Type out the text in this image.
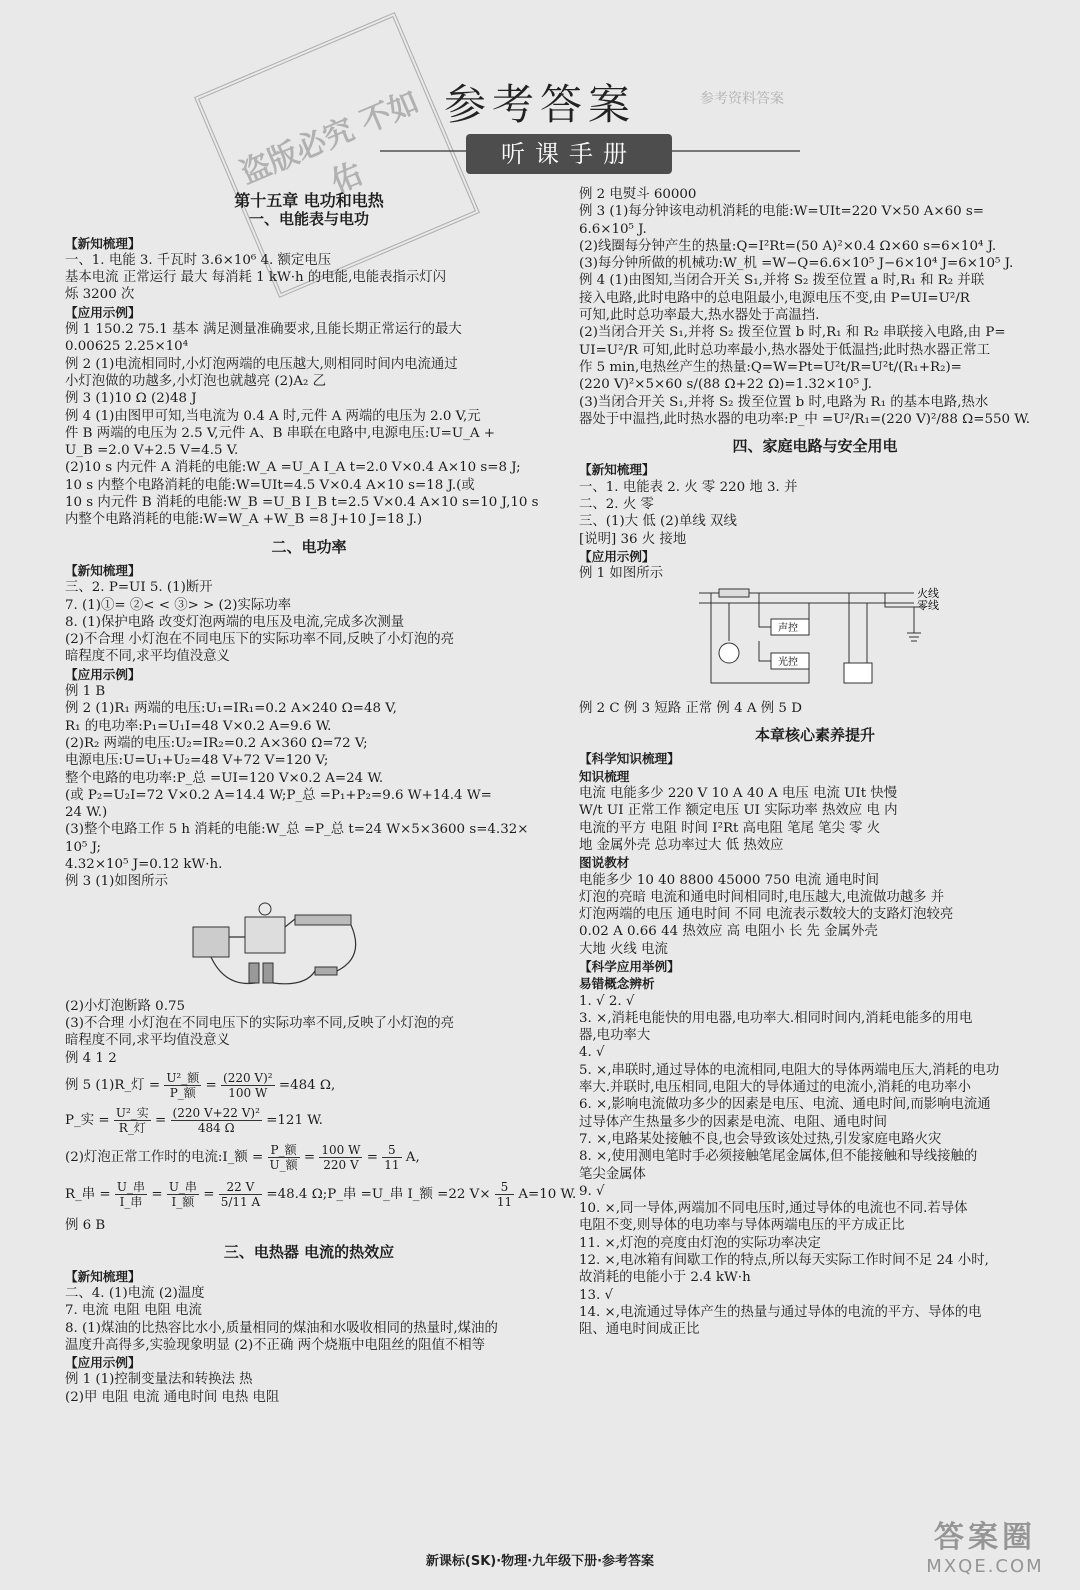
参考答案
听课手册
盗版必究 不如佑
参考资料答案
第十五章 电功和电热
一、电能表与电功
【新知梳理】
一、1. 电能 3. 千瓦时 3.6×10⁶ 4. 额定电压
基本电流 正常运行 最大 每消耗 1 kW·h 的电能,电能表指示灯闪
烁 3200 次
【应用示例】
例 1 150.2 75.1 基本 满足测量准确要求,且能长期正常运行的最大
0.00625 2.25×10⁴
例 2 (1)电流相同时,小灯泡两端的电压越大,则相同时间内电流通过
小灯泡做的功越多,小灯泡也就越亮 (2)A₂ 乙
例 3 (1)10 Ω (2)48 J
例 4 (1)由图甲可知,当电流为 0.4 A 时,元件 A 两端的电压为 2.0 V,元
件 B 两端的电压为 2.5 V,元件 A、B 串联在电路中,电源电压:U=U_A +
U_B =2.0 V+2.5 V=4.5 V.
(2)10 s 内元件 A 消耗的电能:W_A =U_A I_A t=2.0 V×0.4 A×10 s=8 J;
10 s 内整个电路消耗的电能:W=UIt=4.5 V×0.4 A×10 s=18 J.(或
10 s 内元件 B 消耗的电能:W_B =U_B I_B t=2.5 V×0.4 A×10 s=10 J,10 s
内整个电路消耗的电能:W=W_A +W_B =8 J+10 J=18 J.)
二、电功率
【新知梳理】
三、2. P=UI 5. (1)断开
7. (1)①= ②< < ③> > (2)实际功率
8. (1)保护电路 改变灯泡两端的电压及电流,完成多次测量
(2)不合理 小灯泡在不同电压下的实际功率不同,反映了小灯泡的亮
暗程度不同,求平均值没意义
【应用示例】
例 1 B
例 2 (1)R₁ 两端的电压:U₁=IR₁=0.2 A×240 Ω=48 V,
R₁ 的电功率:P₁=U₁I=48 V×0.2 A=9.6 W.
(2)R₂ 两端的电压:U₂=IR₂=0.2 A×360 Ω=72 V;
电源电压:U=U₁+U₂=48 V+72 V=120 V;
整个电路的电功率:P_总 =UI=120 V×0.2 A=24 W.
(或 P₂=U₂I=72 V×0.2 A=14.4 W;P_总 =P₁+P₂=9.6 W+14.4 W=
24 W.)
(3)整个电路工作 5 h 消耗的电能:W_总 =P_总 t=24 W×5×3600 s=4.32×
10⁵ J;
4.32×10⁵ J=0.12 kW·h.
例 3 (1)如图所示
(2)小灯泡断路 0.75
(3)不合理 小灯泡在不同电压下的实际功率不同,反映了小灯泡的亮
暗程度不同,求平均值没意义
例 4 1 2
例 5 (1)R_灯 = $\frac{\text{U²\_额}}{\text{P\_额}} = \frac{\text{(220 V)²}}{100 W} =484$ Ω,
P_实 = $\frac{\text{U²\_实}}{\text{R\_灯}} = \frac{\text{(220 V+22 V)²}}{484 \Omega} =121$ W.
(2)灯泡正常工作时的电流:I_额 = $\frac{\text{P\_额}}{\text{U\_额}} = \frac{100 W}{220 V} = \frac{5}{11} A$,
R_串 = $\frac{\text{U\_串}}{\text{I\_串}} = \frac{\text{U\_串}}{\text{I\_额}} = \frac{22 V}{5/11 A} =48.4$ Ω;P_串 =U_串 I_额 =22 $V\times \frac{5}{11} A=10$ W.
例 6 B
三、电热器 电流的热效应
【新知梳理】
二、4. (1)电流 (2)温度
7. 电流 电阻 电阻 电流
8. (1)煤油的比热容比水小,质量相同的煤油和水吸收相同的热量时,煤油的
温度升高得多,实验现象明显 (2)不正确 两个烧瓶中电阻丝的阻值不相等
【应用示例】
例 1 (1)控制变量法和转换法 热
(2)甲 电阻 电流 通电时间 电热 电阻
例 2 电熨斗 60000
例 3 (1)每分钟该电动机消耗的电能:W=UIt=220 V×50 A×60 s=
6.6×10⁵ J.
(2)线圈每分钟产生的热量:Q=I²Rt=(50 A)²×0.4 Ω×60 s=6×10⁴ J.
(3)每分钟所做的机械功:W_机 =W−Q=6.6×10⁵ J−6×10⁴ J=6×10⁵ J.
例 4 (1)由图知,当闭合开关 S₁,并将 S₂ 拨至位置 a 时,R₁ 和 R₂ 并联
接入电路,此时电路中的总电阻最小,电源电压不变,由 P=UI=U²/R
可知,此时总功率最大,热水器处于高温挡.
(2)当闭合开关 S₁,并将 S₂ 拨至位置 b 时,R₁ 和 R₂ 串联接入电路,由 P=
UI=U²/R 可知,此时总功率最小,热水器处于低温挡;此时热水器正常工
作 5 min,电热丝产生的热量:Q=W=Pt=U²t/R=U²t/(R₁+R₂)=
(220 V)²×5×60 s/(88 Ω+22 Ω)=1.32×10⁵ J.
(3)当闭合开关 S₁,并将 S₂ 拨至位置 b 时,电路为 R₁ 的基本电路,热水
器处于中温挡,此时热水器的电功率:P_中 =U²/R₁=(220 V)²/88 Ω=550 W.
四、家庭电路与安全用电
【新知梳理】
一、1. 电能表 2. 火 零 220 地 3. 并
二、2. 火 零
三、(1)大 低 (2)单线 双线
[说明] 36 火 接地
【应用示例】
例 1 如图所示
火线
零线
声控
光控
例 2 C 例 3 短路 正常 例 4 A 例 5 D
本章核心素养提升
【科学知识梳理】
知识梳理
电流 电能多少 220 V 10 A 40 A 电压 电流 UIt 快慢
W/t UI 正常工作 额定电压 UI 实际功率 热效应 电 内
电流的平方 电阻 时间 I²Rt 高电阻 笔尾 笔尖 零 火
地 金属外壳 总功率过大 低 热效应
图说教材
电能多少 10 40 8800 45000 750 电流 通电时间
灯泡的亮暗 电流和通电时间相同时,电压越大,电流做功越多 并
灯泡两端的电压 通电时间 不同 电流表示数较大的支路灯泡较亮
0.02 A 0.66 44 热效应 高 电阻小 长 先 金属外壳
大地 火线 电流
【科学应用举例】
易错概念辨析
1. √ 2. √
3. ×,消耗电能快的用电器,电功率大.相同时间内,消耗电能多的用电
器,电功率大
4. √
5. ×,串联时,通过导体的电流相同,电阻大的导体两端电压大,消耗的电功
率大.并联时,电压相同,电阻大的导体通过的电流小,消耗的电功率小
6. ×,影响电流做功多少的因素是电压、电流、通电时间,而影响电流通
过导体产生热量多少的因素是电流、电阻、通电时间
7. ×,电路某处接触不良,也会导致该处过热,引发家庭电路火灾
8. ×,使用测电笔时手必须接触笔尾金属体,但不能接触和导线接触的
笔尖金属体
9. √
10. ×,同一导体,两端加不同电压时,通过导体的电流也不同.若导体
电阻不变,则导体的电功率与导体两端电压的平方成正比
11. ×,灯泡的亮度由灯泡的实际功率决定
12. ×,电冰箱有间歇工作的特点,所以每天实际工作时间不足 24 小时,
故消耗的电能小于 2.4 kW·h
13. √
14. ×,电流通过导体产生的热量与通过导体的电流的平方、导体的电
阻、通电时间成正比
新课标(SK)·物理·九年级下册·参考答案
答案圈
MXQE.COM
